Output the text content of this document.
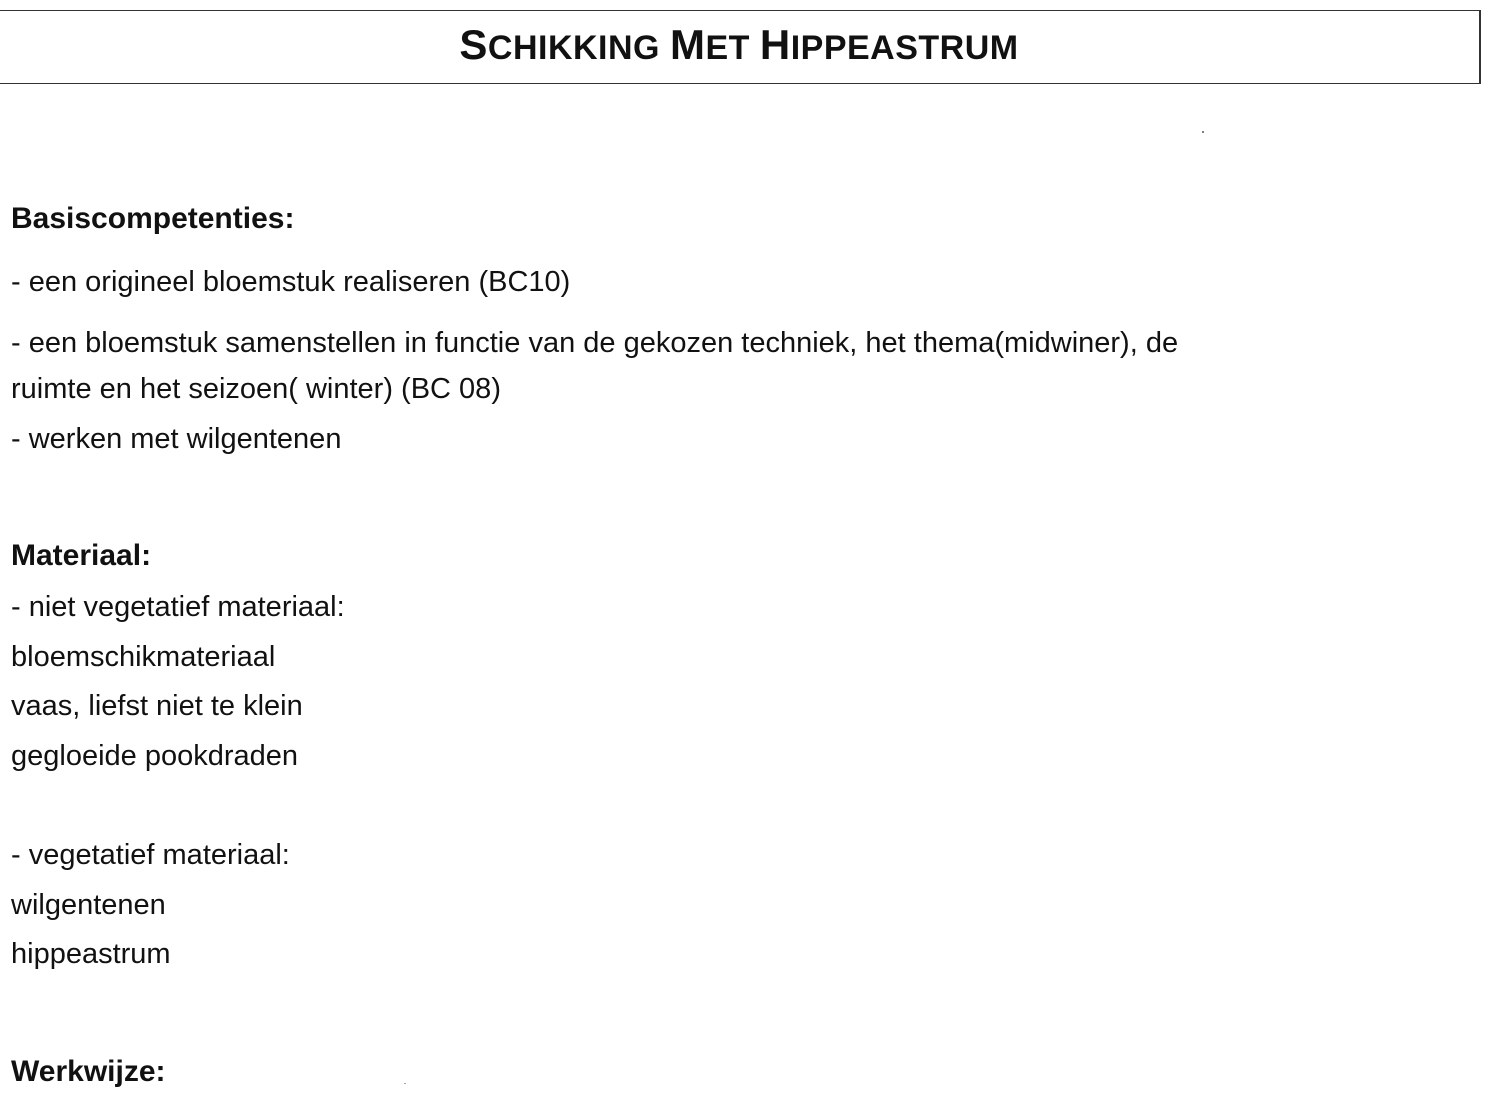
SCHIKKING MET HIPPEASTRUM
Basiscompetenties:
- een origineel bloemstuk realiseren (BC10)
- een bloemstuk samenstellen in functie van de gekozen techniek, het thema(midwiner), de
ruimte en het seizoen( winter) (BC 08)
- werken met wilgentenen
Materiaal:
- niet vegetatief materiaal:
bloemschikmateriaal
vaas, liefst niet te klein
gegloeide pookdraden
- vegetatief materiaal:
wilgentenen
hippeastrum
Werkwijze:
